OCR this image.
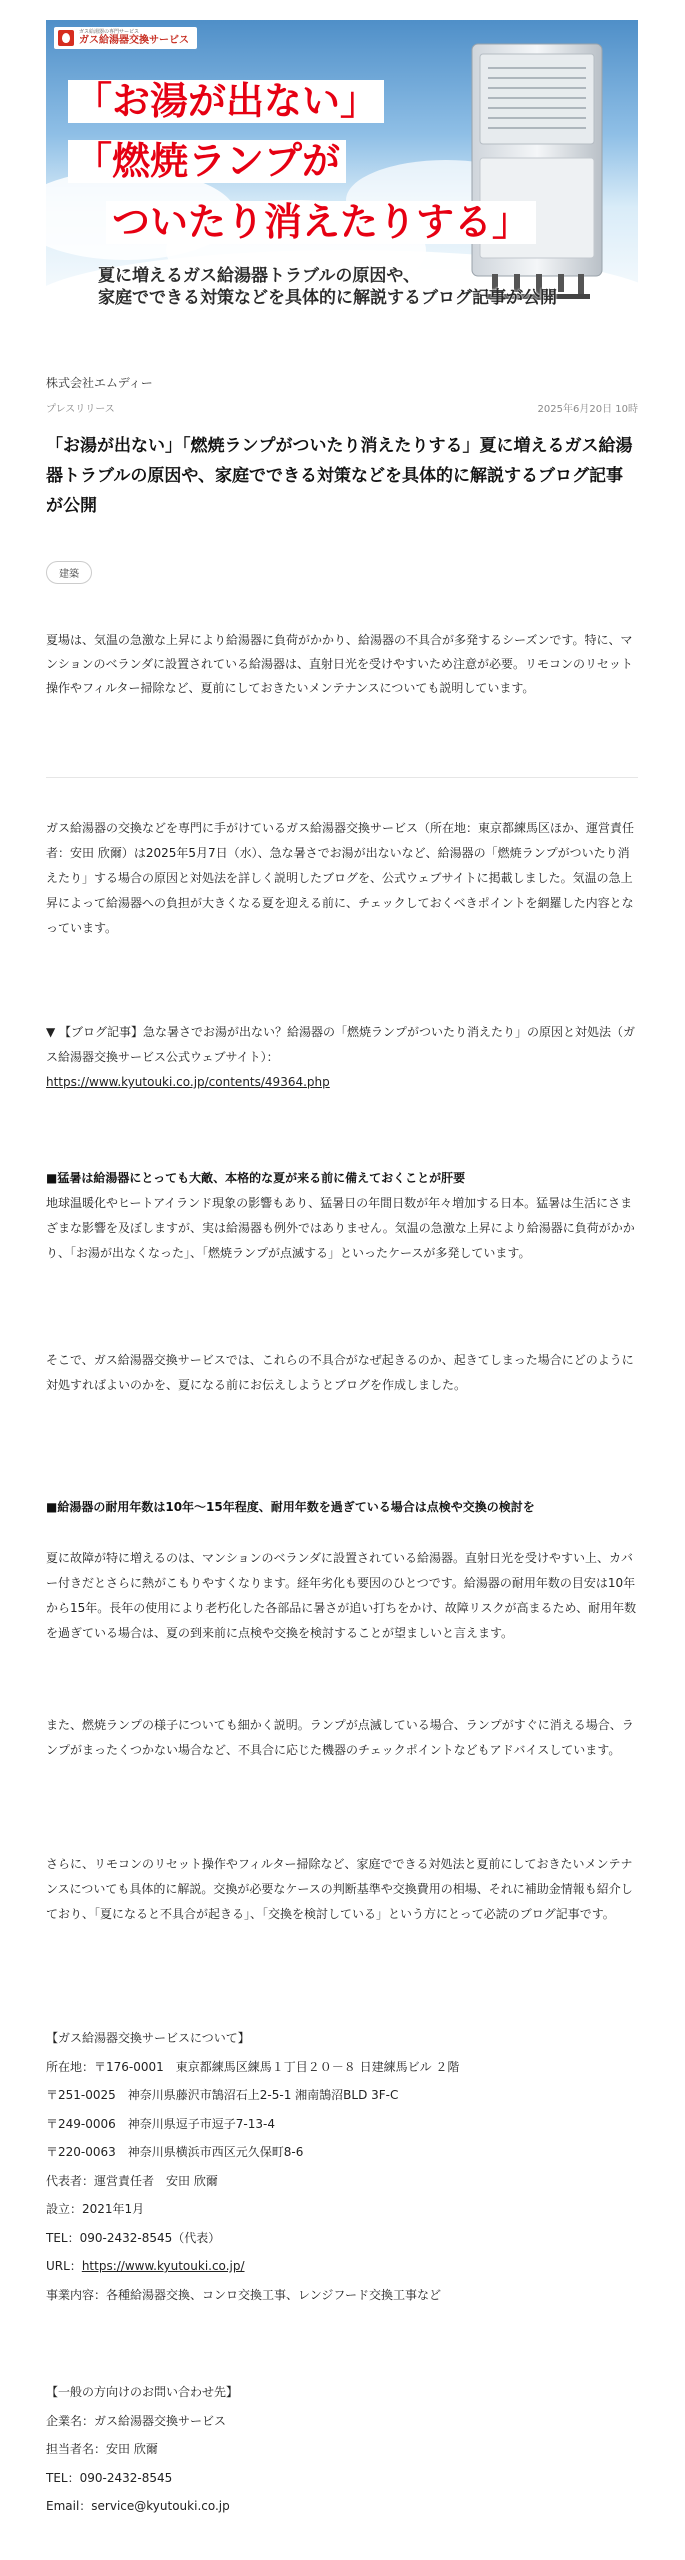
ガス給湯器の専門サービス
ガス給湯器交換サービス
「お湯が出ない」
「燃焼ランプが
ついたり消えたりする」
夏に増えるガス給湯器トラブルの原因や、
家庭でできる対策などを具体的に解説するブログ記事が公開
株式会社エムディー
プレスリリース	2025年6月20日 10時
「お湯が出ない」「燃焼ランプがついたり消えたりする」夏に増えるガス給湯器トラブルの原因や、家庭でできる対策などを具体的に解説するブログ記事が公開
建築

夏場は、気温の急激な上昇により給湯器に負荷がかかり、給湯器の不具合が多発するシーズンです。特に、マンションのベランダに設置されている給湯器は、直射日光を受けやすいため注意が必要。リモコンのリセット操作やフィルター掃除など、夏前にしておきたいメンテナンスについても説明しています。

ガス給湯器の交換などを専門に手がけているガス給湯器交換サービス（所在地：東京都練馬区ほか、運営責任者：安田 欣爾）は2025年5月7日（水）、急な暑さでお湯が出ないなど、給湯器の「燃焼ランプがついたり消えたり」する場合の原因と対処法を詳しく説明したブログを、公式ウェブサイトに掲載しました。気温の急上昇によって給湯器への負担が大きくなる夏を迎える前に、チェックしておくべきポイントを網羅した内容となっています。

▼ 【ブログ記事】急な暑さでお湯が出ない？給湯器の「燃焼ランプがついたり消えたり」の原因と対処法（ガス給湯器交換サービス公式ウェブサイト）：
https://www.kyutouki.co.jp/contents/49364.php

■猛暑は給湯器にとっても大敵、本格的な夏が来る前に備えておくことが肝要

地球温暖化やヒートアイランド現象の影響もあり、猛暑日の年間日数が年々増加する日本。猛暑は生活にさまざまな影響を及ぼしますが、実は給湯器も例外ではありません。気温の急激な上昇により給湯器に負荷がかかり、「お湯が出なくなった」、「燃焼ランプが点滅する」といったケースが多発しています。

そこで、ガス給湯器交換サービスでは、これらの不具合がなぜ起きるのか、起きてしまった場合にどのように対処すればよいのかを、夏になる前にお伝えしようとブログを作成しました。

■給湯器の耐用年数は10年～15年程度、耐用年数を過ぎている場合は点検や交換の検討を

夏に故障が特に増えるのは、マンションのベランダに設置されている給湯器。直射日光を受けやすい上、カバー付きだとさらに熱がこもりやすくなります。経年劣化も要因のひとつです。給湯器の耐用年数の目安は10年から15年。長年の使用により老朽化した各部品に暑さが追い打ちをかけ、故障リスクが高まるため、耐用年数を過ぎている場合は、夏の到来前に点検や交換を検討することが望ましいと言えます。

また、燃焼ランプの様子についても細かく説明。ランプが点滅している場合、ランプがすぐに消える場合、ランプがまったくつかない場合など、不具合に応じた機器のチェックポイントなどもアドバイスしています。

さらに、リモコンのリセット操作やフィルター掃除など、家庭でできる対処法と夏前にしておきたいメンテナンスについても具体的に解説。交換が必要なケースの判断基準や交換費用の相場、それに補助金情報も紹介しており、「夏になると不具合が起きる」、「交換を検討している」という方にとって必読のブログ記事です。

【ガス給湯器交換サービスについて】
所在地：〒176-0001　東京都練馬区練馬１丁目２０－８ 日建練馬ビル ２階
〒251-0025　神奈川県藤沢市鵠沼石上2-5-1 湘南鵠沼BLD 3F-C
〒249-0006　神奈川県逗子市逗子7-13-4
〒220-0063　神奈川県横浜市西区元久保町8-6
代表者：運営責任者　安田 欣爾
設立：2021年1月
TEL：090-2432-8545（代表）
URL：https://www.kyutouki.co.jp/
事業内容：各種給湯器交換、コンロ交換工事、レンジフード交換工事など
【一般の方向けのお問い合わせ先】
企業名：ガス給湯器交換サービス
担当者名：安田 欣爾
TEL：090-2432-8545
Email：service@kyutouki.co.jp
